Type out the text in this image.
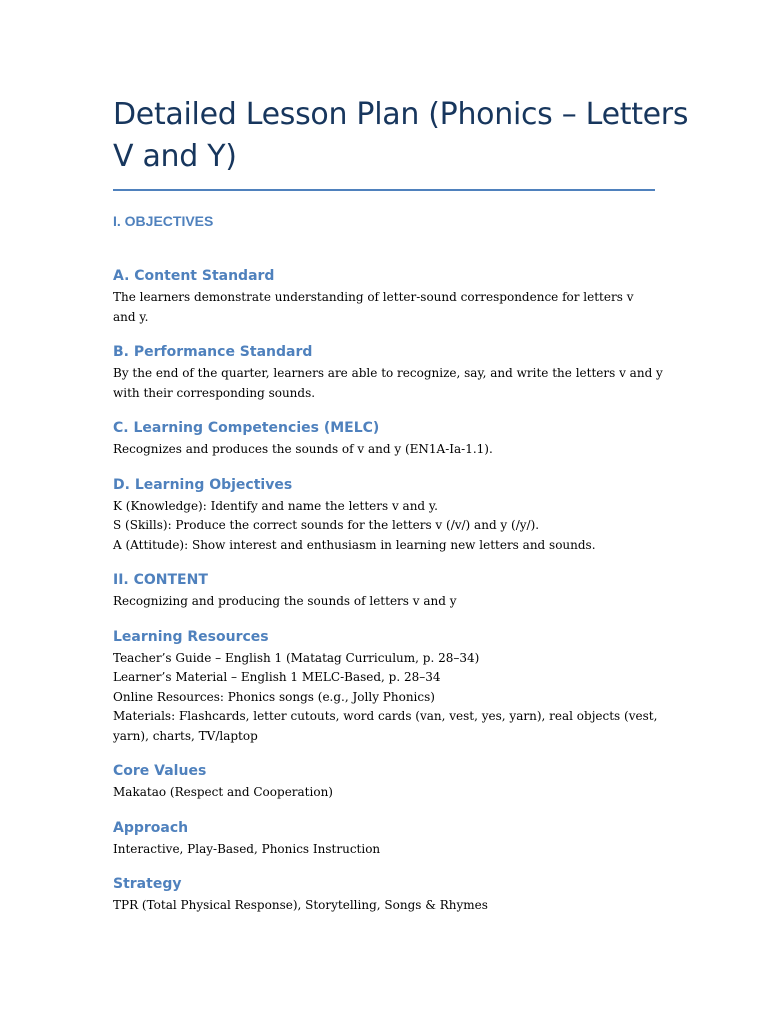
Detailed Lesson Plan (Phonics – Letters
V and Y)
I. OBJECTIVES
A. Content Standard

The learners demonstrate understanding of letter-sound correspondence for letters v and y.

B. Performance Standard

By the end of the quarter, learners are able to recognize, say, and write the letters v and y
with their corresponding sounds.

C. Learning Competencies (MELC)

Recognizes and produces the sounds of v and y (EN1A-Ia-1.1).

D. Learning Objectives

K (Knowledge): Identify and name the letters v and y.
S (Skills): Produce the correct sounds for the letters v (/v/) and y (/y/).
A (Attitude): Show interest and enthusiasm in learning new letters and sounds.

II. CONTENT

Recognizing and producing the sounds of letters v and y

Learning Resources

Teacher’s Guide – English 1 (Matatag Curriculum, p. 28–34)
Learner’s Material – English 1 MELC-Based, p. 28–34
Online Resources: Phonics songs (e.g., Jolly Phonics)
Materials: Flashcards, letter cutouts, word cards (van, vest, yes, yarn), real objects (vest,
yarn), charts, TV/laptop

Core Values

Makatao (Respect and Cooperation)

Approach

Interactive, Play-Based, Phonics Instruction

Strategy

TPR (Total Physical Response), Storytelling, Songs & Rhymes
